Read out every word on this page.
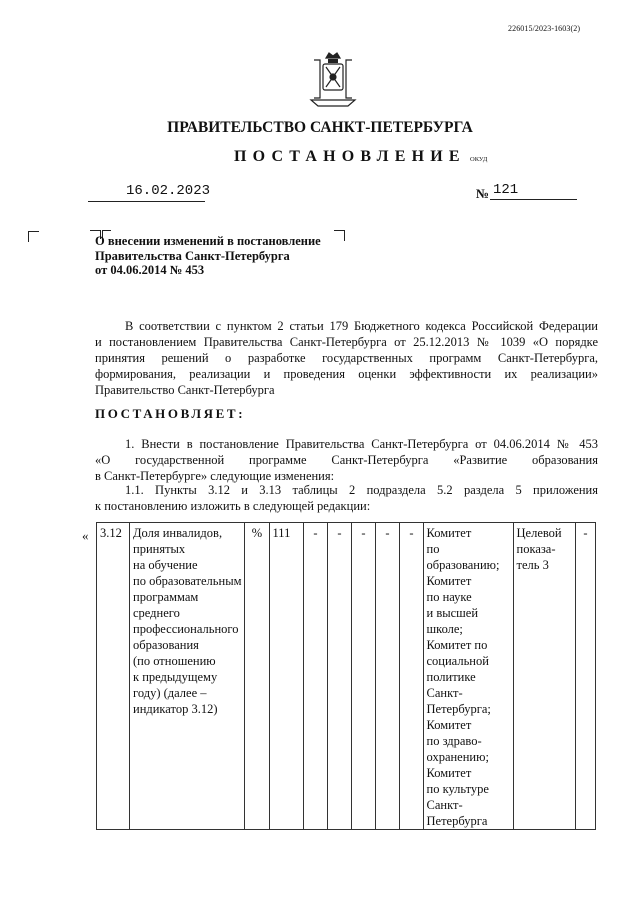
226015/2023-1603(2)
ПРАВИТЕЛЬСТВО САНКТ-ПЕТЕРБУРГА
ПОСТАНОВЛЕНИЕ ОКУД
16.02.2023	№ 121
О внесении изменений в постановление
Правительства Санкт-Петербурга
от 04.06.2014 № 453
В соответствии с пунктом 2 статьи 179 Бюджетного кодекса Российской Федерации
и постановлением Правительства Санкт-Петербурга от 25.12.2013 № 1039 «О порядке
принятия решений о разработке государственных программ Санкт-Петербурга,
формирования, реализации и проведения оценки эффективности их реализации»
Правительство Санкт-Петербурга
ПОСТАНОВЛЯЕТ:
1. Внести в постановление Правительства Санкт-Петербурга от 04.06.2014 № 453
«О государственной программе Санкт-Петербурга «Развитие образования
в Санкт-Петербурге» следующие изменения:
1.1. Пункты 3.12 и 3.13 таблицы 2 подраздела 5.2 раздела 5 приложения
к постановлению изложить в следующей редакции:
« 3.12	Доля инвалидов,
принятых
на обучение
по образовательным
программам
среднего
профессионального
образования
(по отношению
к предыдущему
году) (далее –
индикатор 3.12)
	%	111	-	-	-	-	-	Комитет
по
образованию;
Комитет
по науке
и высшей
школе;
Комитет по
социальной
политике
Санкт-
Петербурга;
Комитет
по здраво-
охранению;
Комитет
по культуре
Санкт-
Петербурга

Целевой
показа-
тель 3
	-
